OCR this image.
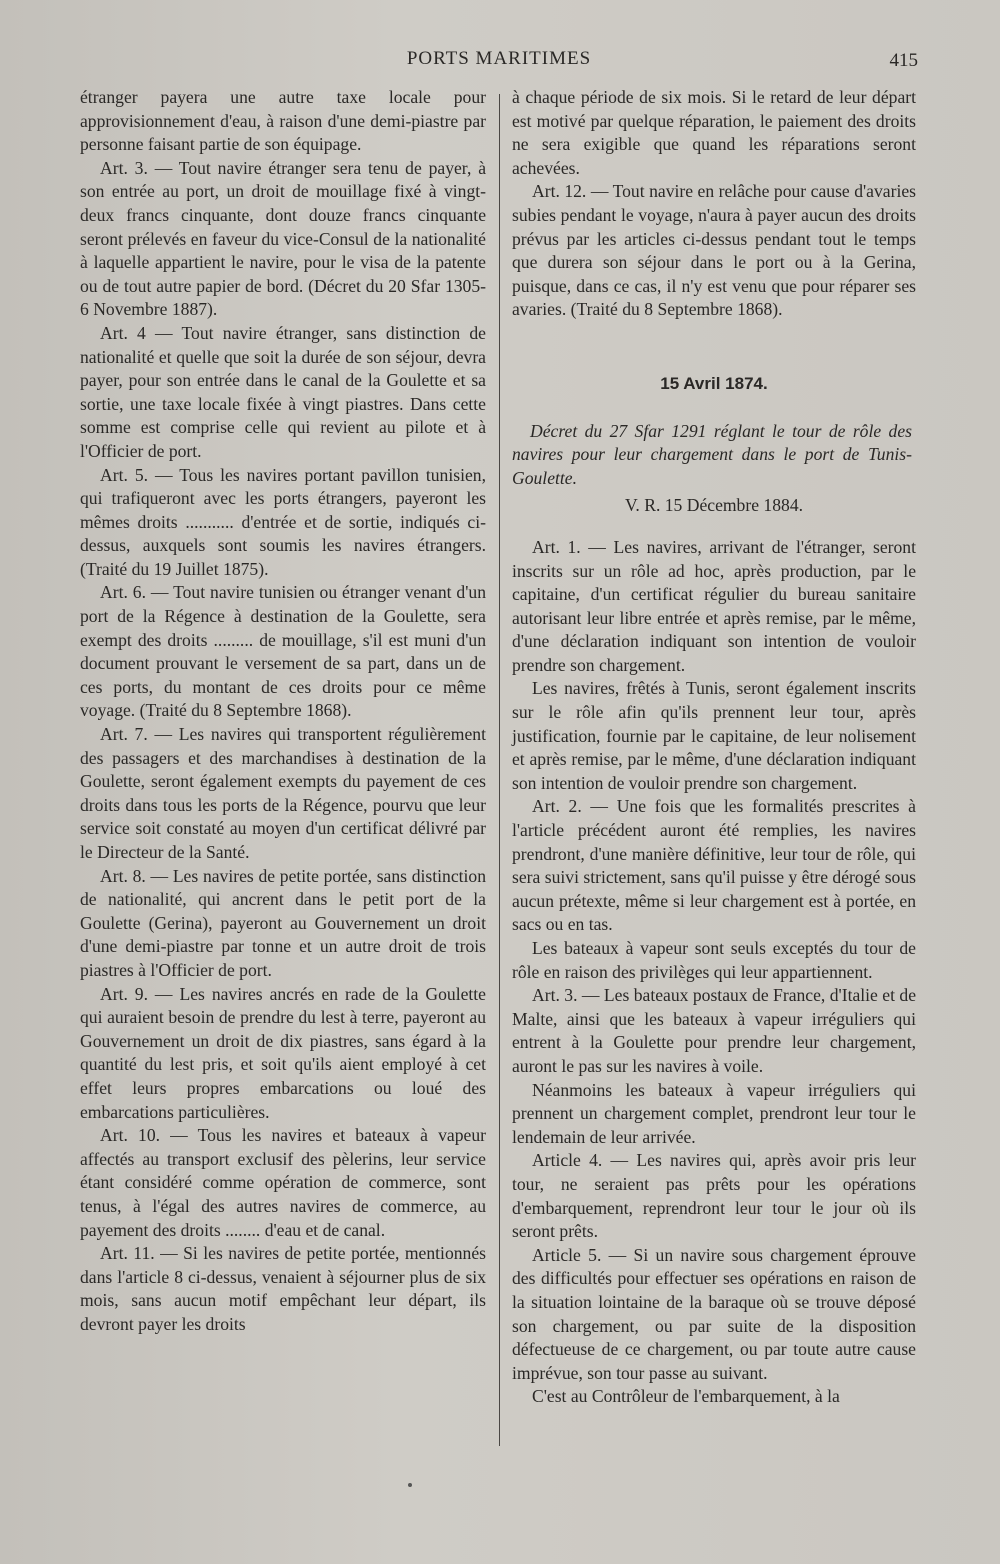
PORTS MARITIMES	415

étranger payera une autre taxe locale pour approvisionnement d'eau, à raison d'une demi-piastre par personne faisant partie de son équipage.

Art. 3. — Tout navire étranger sera tenu de payer, à son entrée au port, un droit de mouillage fixé à vingt-deux francs cinquante, dont douze francs cinquante seront prélevés en faveur du vice-Consul de la nationalité à laquelle appartient le navire, pour le visa de la patente ou de tout autre papier de bord. (Décret du 20 Sfar 1305-6 Novembre 1887).

Art. 4 — Tout navire étranger, sans distinction de nationalité et quelle que soit la durée de son séjour, devra payer, pour son entrée dans le canal de la Goulette et sa sortie, une taxe locale fixée à vingt piastres. Dans cette somme est comprise celle qui revient au pilote et à l'Officier de port.

Art. 5. — Tous les navires portant pavillon tunisien, qui trafiqueront avec les ports étrangers, payeront les mêmes droits ........... d'entrée et de sortie, indiqués ci-dessus, auxquels sont soumis les navires étrangers. (Traité du 19 Juillet 1875).

Art. 6. — Tout navire tunisien ou étranger venant d'un port de la Régence à destination de la Goulette, sera exempt des droits ......... de mouillage, s'il est muni d'un document prouvant le versement de sa part, dans un de ces ports, du montant de ces droits pour ce même voyage. (Traité du 8 Septembre 1868).

Art. 7. — Les navires qui transportent régulièrement des passagers et des marchandises à destination de la Goulette, seront également exempts du payement de ces droits dans tous les ports de la Régence, pourvu que leur service soit constaté au moyen d'un certificat délivré par le Directeur de la Santé.

Art. 8. — Les navires de petite portée, sans distinction de nationalité, qui ancrent dans le petit port de la Goulette (Gerina), payeront au Gouvernement un droit d'une demi-piastre par tonne et un autre droit de trois piastres à l'Officier de port.

Art. 9. — Les navires ancrés en rade de la Goulette qui auraient besoin de prendre du lest à terre, payeront au Gouvernement un droit de dix piastres, sans égard à la quantité du lest pris, et soit qu'ils aient employé à cet effet leurs propres embarcations ou loué des embarcations particulières.

Art. 10. — Tous les navires et bateaux à vapeur affectés au transport exclusif des pèlerins, leur service étant considéré comme opération de commerce, sont tenus, à l'égal des autres navires de commerce, au payement des droits ........ d'eau et de canal.

Art. 11. — Si les navires de petite portée, mentionnés dans l'article 8 ci-dessus, venaient à séjourner plus de six mois, sans aucun motif empêchant leur départ, ils devront payer les droits

à chaque période de six mois. Si le retard de leur départ est motivé par quelque réparation, le paiement des droits ne sera exigible que quand les réparations seront achevées.

Art. 12. — Tout navire en relâche pour cause d'avaries subies pendant le voyage, n'aura à payer aucun des droits prévus par les articles ci-dessus pendant tout le temps que durera son séjour dans le port ou à la Gerina, puisque, dans ce cas, il n'y est venu que pour réparer ses avaries. (Traité du 8 Septembre 1868).

15 Avril 1874.

Décret du 27 Sfar 1291 réglant le tour de rôle des navires pour leur chargement dans le port de Tunis-Goulette.

V. R. 15 Décembre 1884.

Art. 1. — Les navires, arrivant de l'étranger, seront inscrits sur un rôle ad hoc, après production, par le capitaine, d'un certificat régulier du bureau sanitaire autorisant leur libre entrée et après remise, par le même, d'une déclaration indiquant son intention de vouloir prendre son chargement.

Les navires, frêtés à Tunis, seront également inscrits sur le rôle afin qu'ils prennent leur tour, après justification, fournie par le capitaine, de leur nolisement et après remise, par le même, d'une déclaration indiquant son intention de vouloir prendre son chargement.

Art. 2. — Une fois que les formalités prescrites à l'article précédent auront été remplies, les navires prendront, d'une manière définitive, leur tour de rôle, qui sera suivi strictement, sans qu'il puisse y être dérogé sous aucun prétexte, même si leur chargement est à portée, en sacs ou en tas.

Les bateaux à vapeur sont seuls exceptés du tour de rôle en raison des privilèges qui leur appartiennent.

Art. 3. — Les bateaux postaux de France, d'Italie et de Malte, ainsi que les bateaux à vapeur irréguliers qui entrent à la Goulette pour prendre leur chargement, auront le pas sur les navires à voile.

Néanmoins les bateaux à vapeur irréguliers qui prennent un chargement complet, prendront leur tour le lendemain de leur arrivée.

Article 4. — Les navires qui, après avoir pris leur tour, ne seraient pas prêts pour les opérations d'embarquement, reprendront leur tour le jour où ils seront prêts.

Article 5. — Si un navire sous chargement éprouve des difficultés pour effectuer ses opérations en raison de la situation lointaine de la baraque où se trouve déposé son chargement, ou par suite de la disposition défectueuse de ce chargement, ou par toute autre cause imprévue, son tour passe au suivant.

C'est au Contrôleur de l'embarquement, à la
